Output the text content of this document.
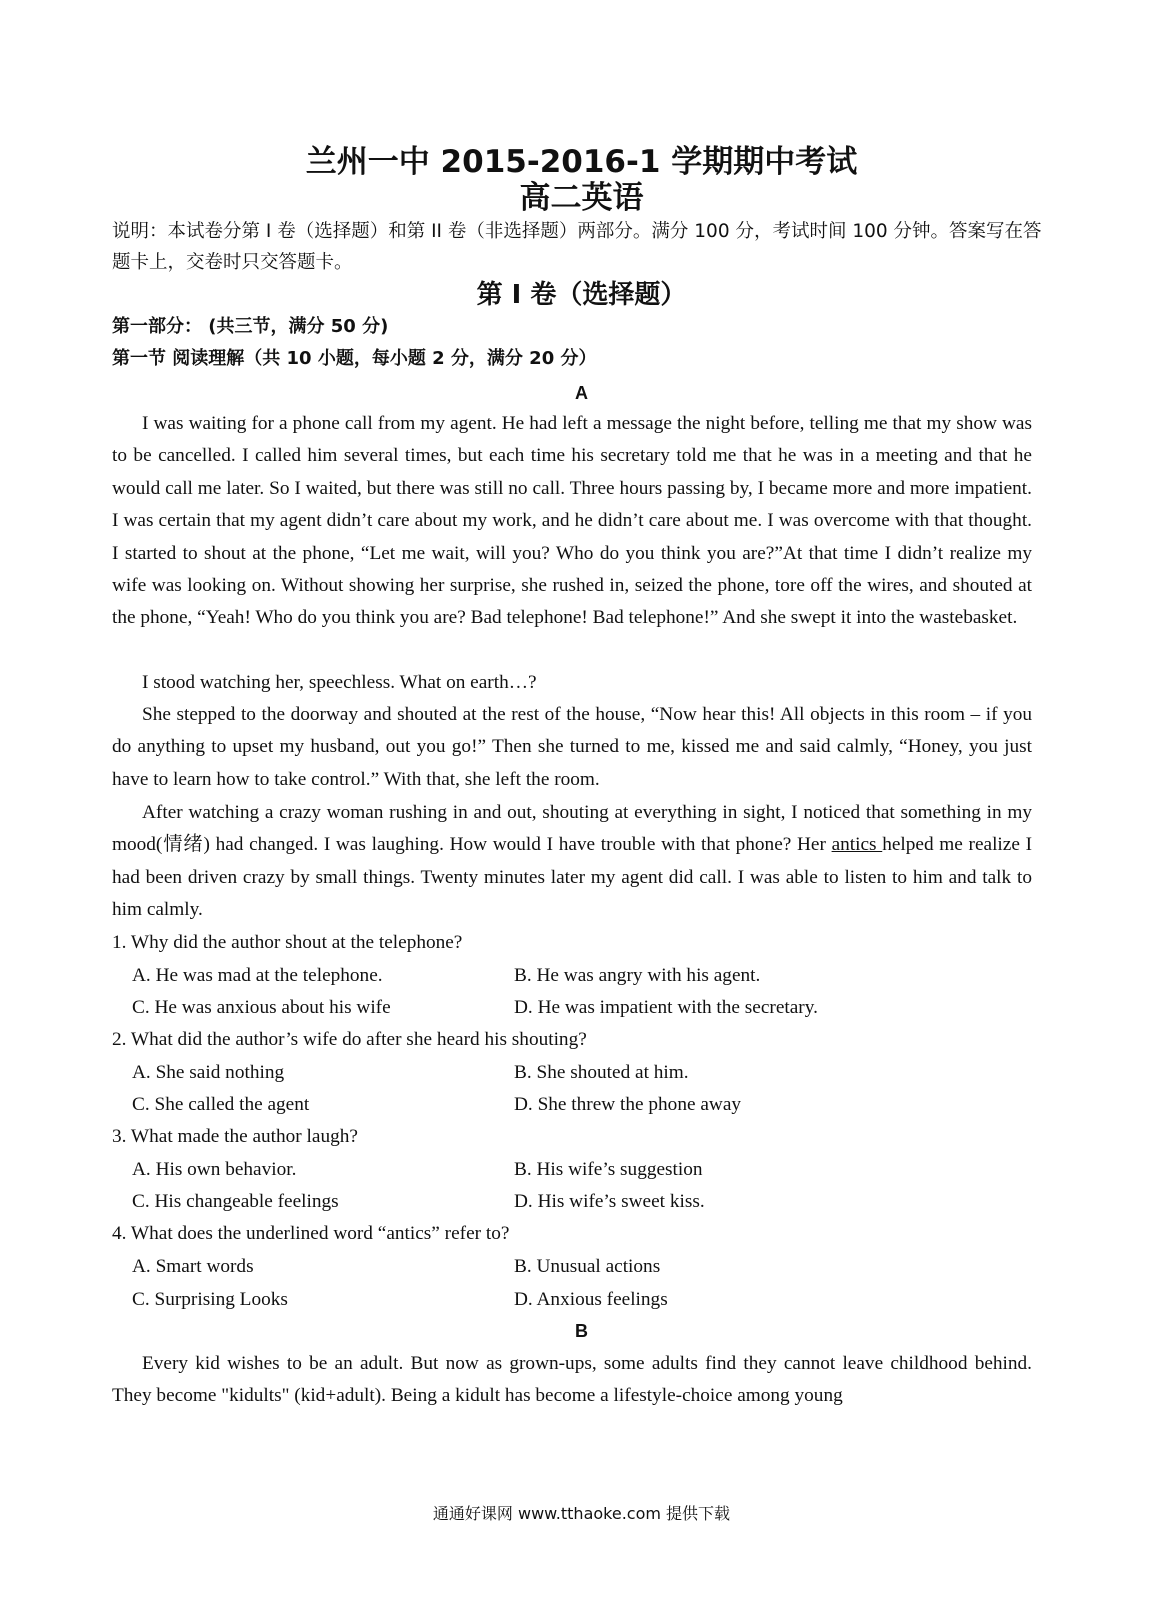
兰州一中 2015-2016-1 学期期中考试
高二英语
说明：本试卷分第 I 卷（选择题）和第 II 卷（非选择题）两部分。满分 100 分，考试时间 100 分钟。答案写在答题卡上，交卷时只交答题卡。
第 I 卷（选择题）
第一部分： (共三节，满分 50 分)
第一节 阅读理解（共 10 小题，每小题 2 分，满分 20 分）
A
I was waiting for a phone call from my agent. He had left a message the night before, telling me that my show was to be cancelled. I called him several times, but each time his secretary told me that he was in a meeting and that he would call me later. So I waited, but there was still no call. Three hours passing by, I became more and more impatient. I was certain that my agent didn’t care about my work, and he didn’t care about me. I was overcome with that thought. I started to shout at the phone, “Let me wait, will you? Who do you think you are?”At that time I didn’t realize my wife was looking on. Without showing her surprise, she rushed in, seized the phone, tore off the wires, and shouted at the phone, “Yeah! Who do you think you are? Bad telephone! Bad telephone!” And she swept it into the wastebasket.
I stood watching her, speechless. What on earth…?
She stepped to the doorway and shouted at the rest of the house, “Now hear this! All objects in this room – if you do anything to upset my husband, out you go!” Then she turned to me, kissed me and said calmly, “Honey, you just have to learn how to take control.” With that, she left the room.
After watching a crazy woman rushing in and out, shouting at everything in sight, I noticed that something in my mood(情绪) had changed. I was laughing. How would I have trouble with that phone? Her antics helped me realize I had been driven crazy by small things. Twenty minutes later my agent did call. I was able to listen to him and talk to him calmly.
1. Why did the author shout at the telephone?
A. He was mad at the telephone.	B. He was angry with his agent.
C. He was anxious about his wife	D. He was impatient with the secretary.
2. What did the author’s wife do after she heard his shouting?
A. She said nothing	B. She shouted at him.
C. She called the agent	D. She threw the phone away
3. What made the author laugh?
A. His own behavior.	B. His wife’s suggestion
C. His changeable feelings	D. His wife’s sweet kiss.
4. What does the underlined word “antics” refer to?
A. Smart words	B. Unusual actions
C. Surprising Looks	D. Anxious feelings
B
Every kid wishes to be an adult. But now as grown-ups, some adults find they cannot leave childhood behind. They become "kidults" (kid+adult). Being a kidult has become a lifestyle-choice among young
通通好课网 www.tthaoke.com 提供下载
